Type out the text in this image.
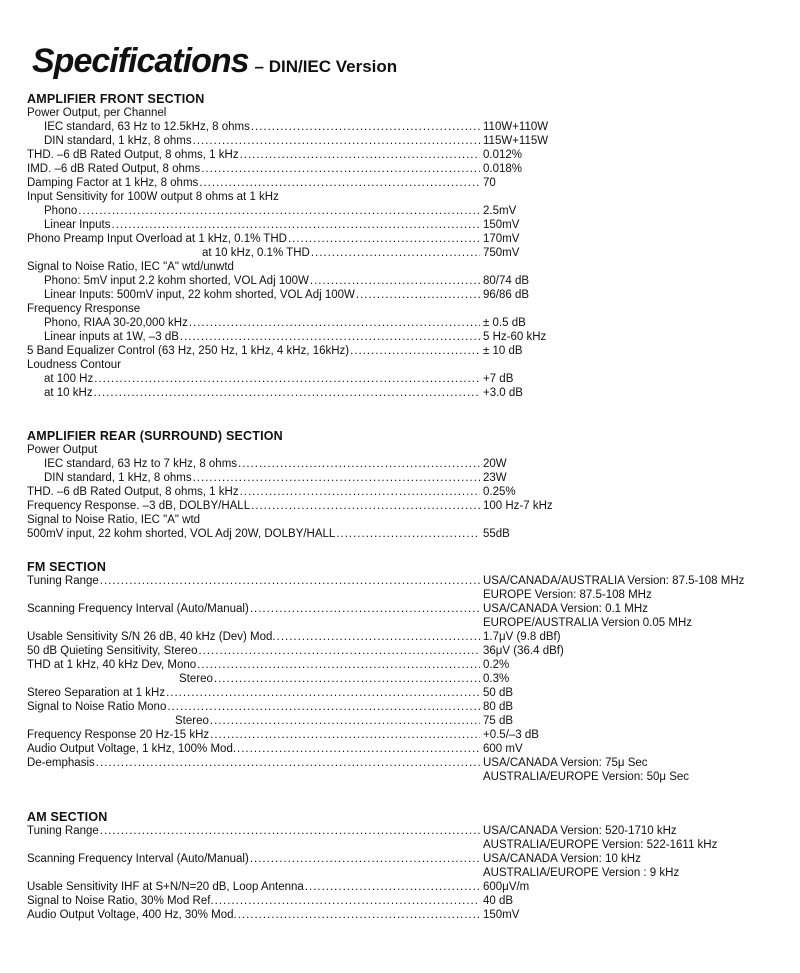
Specifications – DIN/IEC Version
AMPLIFIER FRONT SECTION
Power Output, per Channel
IEC standard, 63 Hz to 12.5kHz, 8 ohms .....	110W+110W
DIN standard, 1 kHz, 8 ohms .....	115W+115W
THD. –6 dB Rated Output, 8 ohms, 1 kHz .....	0.012%
IMD. –6 dB Rated Output, 8 ohms .....	0.018%
Damping Factor at 1 kHz, 8 ohms .....	70
Input Sensitivity for 100W output 8 ohms at 1 kHz
Phono .....	2.5mV
Linear Inputs .....	150mV
Phono Preamp Input Overload at 1 kHz, 0.1% THD .....	170mV
at 10 kHz, 0.1% THD .....	750mV
Signal to Noise Ratio, IEC "A" wtd/unwtd
Phono: 5mV input 2.2 kohm shorted, VOL Adj 100W .....	80/74 dB
Linear Inputs: 500mV input, 22 kohm shorted, VOL Adj 100W .....	96/86 dB
Frequency Rresponse
Phono, RIAA 30-20,000 kHz .....	± 0.5 dB
Linear inputs at 1W, –3 dB .....	5 Hz-60 kHz
5 Band Equalizer Control (63 Hz, 250 Hz, 1 kHz, 4 kHz, 16kHz) .....	± 10 dB
Loudness Contour
at 100 Hz .....	+7 dB
at 10 kHz .....	+3.0 dB
AMPLIFIER REAR (SURROUND) SECTION
Power Output
IEC standard, 63 Hz to 7 kHz, 8 ohms .....	20W
DIN standard, 1 kHz, 8 ohms .....	23W
THD. –6 dB Rated Output, 8 ohms, 1 kHz .....	0.25%
Frequency Response. –3 dB, DOLBY/HALL .....	100 Hz-7 kHz
Signal to Noise Ratio, IEC "A" wtd
500mV input, 22 kohm shorted, VOL Adj 20W, DOLBY/HALL .....	55dB
FM SECTION
Tuning Range .....	USA/CANADA/AUSTRALIA Version: 87.5-108 MHz
EUROPE Version: 87.5-108 MHz
Scanning Frequency Interval (Auto/Manual) .....	USA/CANADA Version: 0.1 MHz
EUROPE/AUSTRALIA Version 0.05 MHz
Usable Sensitivity S/N 26 dB, 40 kHz (Dev) Mod. .....	1.7μV (9.8 dBf)
50 dB Quieting Sensitivity, Stereo .....	36μV (36.4 dBf)
THD at 1 kHz, 40 kHz Dev, Mono .....	0.2%
Stereo .....	0.3%
Stereo Separation at 1 kHz .....	50 dB
Signal to Noise Ratio Mono .....	80 dB
Stereo .....	75 dB
Frequency Response 20 Hz-15 kHz .....	+0.5/–3 dB
Audio Output Voltage, 1 kHz, 100% Mod. .....	600 mV
De-emphasis .....	USA/CANADA Version: 75μ Sec
AUSTRALIA/EUROPE Version: 50μ Sec
AM SECTION
Tuning Range .....	USA/CANADA Version: 520-1710 kHz
AUSTRALIA/EUROPE Version: 522-1611 kHz
Scanning Frequency Interval (Auto/Manual) .....	USA/CANADA Version: 10 kHz
AUSTRALIA/EUROPE Version : 9 kHz
Usable Sensitivity IHF at S+N/N=20 dB, Loop Antenna .....	600μV/m
Signal to Noise Ratio, 30% Mod Ref. .....	40 dB
Audio Output Voltage, 400 Hz, 30% Mod. .....	150mV
